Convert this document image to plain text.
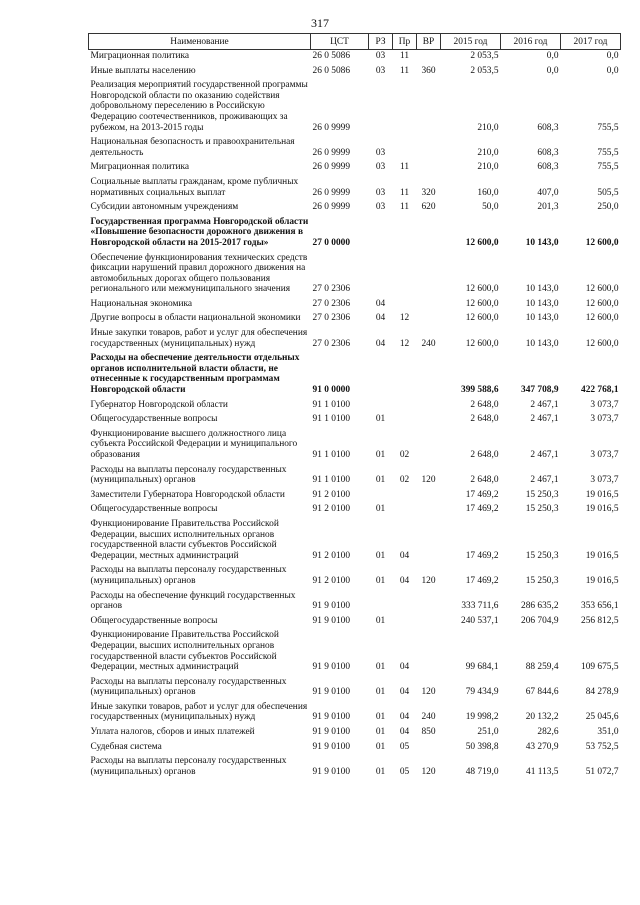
317
Наименование	ЦСТ	РЗ	Пр	ВР	2015 год	2016 год	2017 год
Миграционная политика	26 0 5086	03	11		2 053,5	0,0	0,0
Иные выплаты населению	26 0 5086	03	11	360	2 053,5	0,0	0,0
Реализация мероприятий государственной программы Новгородской области по оказанию содействия добровольному переселению в Российскую Федерацию соотечественников, проживающих за рубежом, на 2013-2015 годы	26 0 9999				210,0	608,3	755,5
Национальная безопасность и правоохранительная деятельность	26 0 9999	03			210,0	608,3	755,5
Миграционная политика	26 0 9999	03	11		210,0	608,3	755,5
Социальные выплаты гражданам, кроме публичных нормативных социальных выплат	26 0 9999	03	11	320	160,0	407,0	505,5
Субсидии автономным учреждениям	26 0 9999	03	11	620	50,0	201,3	250,0
Государственная программа Новгородской области «Повышение безопасности дорожного движения в Новгородской области на 2015-2017 годы»	27 0 0000				12 600,0	10 143,0	12 600,0
Обеспечение функционирования технических средств фиксации нарушений правил дорожного движения на автомобильных дорогах общего пользования регионального или межмуниципального значения	27 0 2306				12 600,0	10 143,0	12 600,0
Национальная экономика	27 0 2306	04			12 600,0	10 143,0	12 600,0
Другие вопросы в области национальной экономики	27 0 2306	04	12		12 600,0	10 143,0	12 600,0
Иные закупки товаров, работ и услуг для обеспечения государственных (муниципальных) нужд	27 0 2306	04	12	240	12 600,0	10 143,0	12 600,0
Расходы на обеспечение деятельности отдельных органов исполнительной власти области, не отнесенные к государственным программам Новгородской области	91 0 0000				399 588,6	347 708,9	422 768,1
Губернатор Новгородской области	91 1 0100				2 648,0	2 467,1	3 073,7
Общегосударственные вопросы	91 1 0100	01			2 648,0	2 467,1	3 073,7
Функционирование высшего должностного лица субъекта Российской Федерации и муниципального образования	91 1 0100	01	02		2 648,0	2 467,1	3 073,7
Расходы на выплаты персоналу государственных (муниципальных) органов	91 1 0100	01	02	120	2 648,0	2 467,1	3 073,7
Заместители Губернатора Новгородской области	91 2 0100				17 469,2	15 250,3	19 016,5
Общегосударственные вопросы	91 2 0100	01			17 469,2	15 250,3	19 016,5
Функционирование Правительства Российской Федерации, высших исполнительных органов государственной власти субъектов Российской Федерации, местных администраций	91 2 0100	01	04		17 469,2	15 250,3	19 016,5
Расходы на выплаты персоналу государственных (муниципальных) органов	91 2 0100	01	04	120	17 469,2	15 250,3	19 016,5
Расходы на обеспечение функций государственных органов	91 9 0100				333 711,6	286 635,2	353 656,1
Общегосударственные вопросы	91 9 0100	01			240 537,1	206 704,9	256 812,5
Функционирование Правительства Российской Федерации, высших исполнительных органов государственной власти субъектов Российской Федерации, местных администраций	91 9 0100	01	04		99 684,1	88 259,4	109 675,5
Расходы на выплаты персоналу государственных (муниципальных) органов	91 9 0100	01	04	120	79 434,9	67 844,6	84 278,9
Иные закупки товаров, работ и услуг для обеспечения государственных (муниципальных) нужд	91 9 0100	01	04	240	19 998,2	20 132,2	25 045,6
Уплата налогов, сборов и иных платежей	91 9 0100	01	04	850	251,0	282,6	351,0
Судебная система	91 9 0100	01	05		50 398,8	43 270,9	53 752,5
Расходы на выплаты персоналу государственных (муниципальных) органов	91 9 0100	01	05	120	48 719,0	41 113,5	51 072,7
